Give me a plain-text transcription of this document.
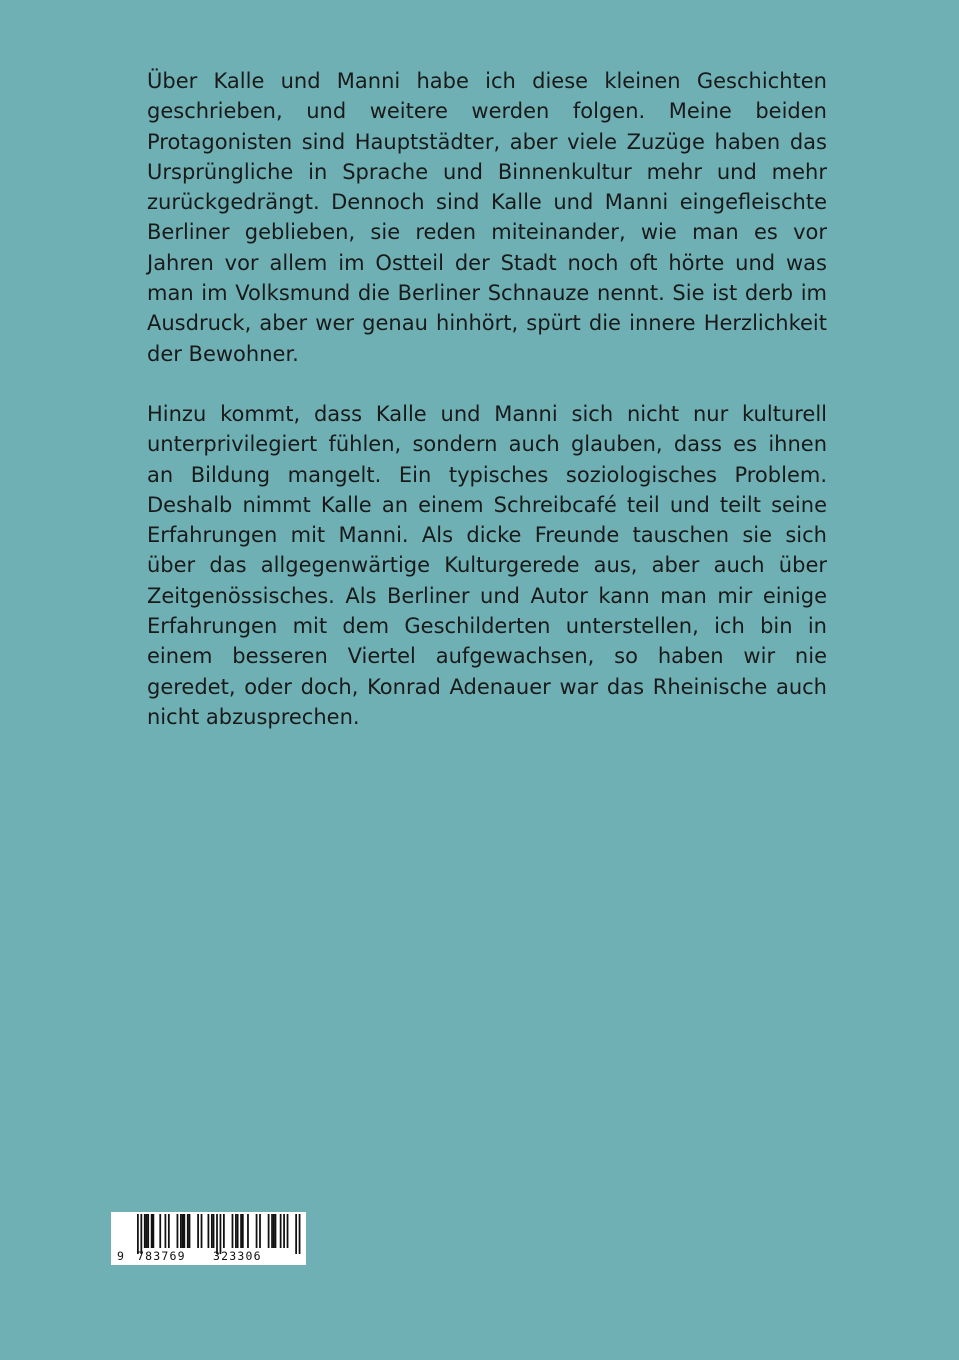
Über Kalle und Manni habe ich diese kleinen Geschichten geschrieben, und weitere werden folgen. Meine beiden Protagonisten sind Hauptstädter, aber viele Zuzüge haben das Ursprüngliche in Sprache und Binnenkultur mehr und mehr zurückgedrängt. Dennoch sind Kalle und Manni eingefleischte Berliner geblieben, sie reden miteinander, wie man es vor Jahren vor allem im Ostteil der Stadt noch oft hörte und was man im Volksmund die Berliner Schnauze nennt. Sie ist derb im Ausdruck, aber wer genau hinhört, spürt die innere Herzlichkeit der Bewohner.

Hinzu kommt, dass Kalle und Manni sich nicht nur kulturell unterprivilegiert fühlen, sondern auch glauben, dass es ihnen an Bildung mangelt. Ein typisches soziologisches Problem. Deshalb nimmt Kalle an einem Schreibcafé teil und teilt seine Erfahrungen mit Manni. Als dicke Freunde tauschen sie sich über das allgegenwärtige Kulturgerede aus, aber auch über Zeitgenössisches. Als Berliner und Autor kann man mir einige Erfahrungen mit dem Geschilderten unterstellen, ich bin in einem besseren Viertel aufgewachsen, so haben wir nie geredet, oder doch, Konrad Adenauer war das Rheinische auch nicht abzusprechen.

9 783769 323306
